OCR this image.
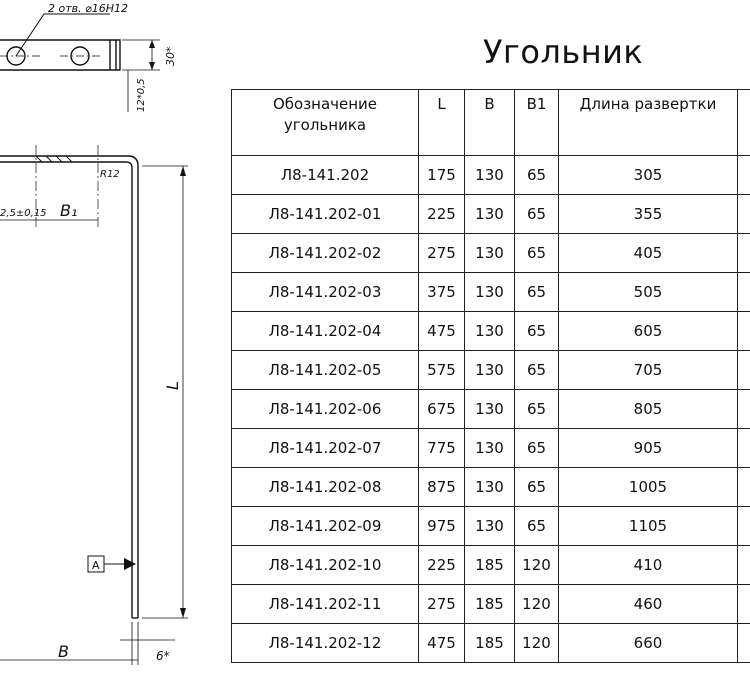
2 отв. ⌀16Н12
30*
12*0,5
R12
2,5±0,15 B₁
L
B
A
6*
Угольник
Обозначение угольника	L	B	B1	Длина развертки	
Л8-141.202	175	130	65	305	
Л8-141.202-01	225	130	65	355	
Л8-141.202-02	275	130	65	405	
Л8-141.202-03	375	130	65	505	
Л8-141.202-04	475	130	65	605	
Л8-141.202-05	575	130	65	705	
Л8-141.202-06	675	130	65	805	
Л8-141.202-07	775	130	65	905	
Л8-141.202-08	875	130	65	1005	
Л8-141.202-09	975	130	65	1105	
Л8-141.202-10	225	185	120	410	
Л8-141.202-11	275	185	120	460	
Л8-141.202-12	475	185	120	660	
